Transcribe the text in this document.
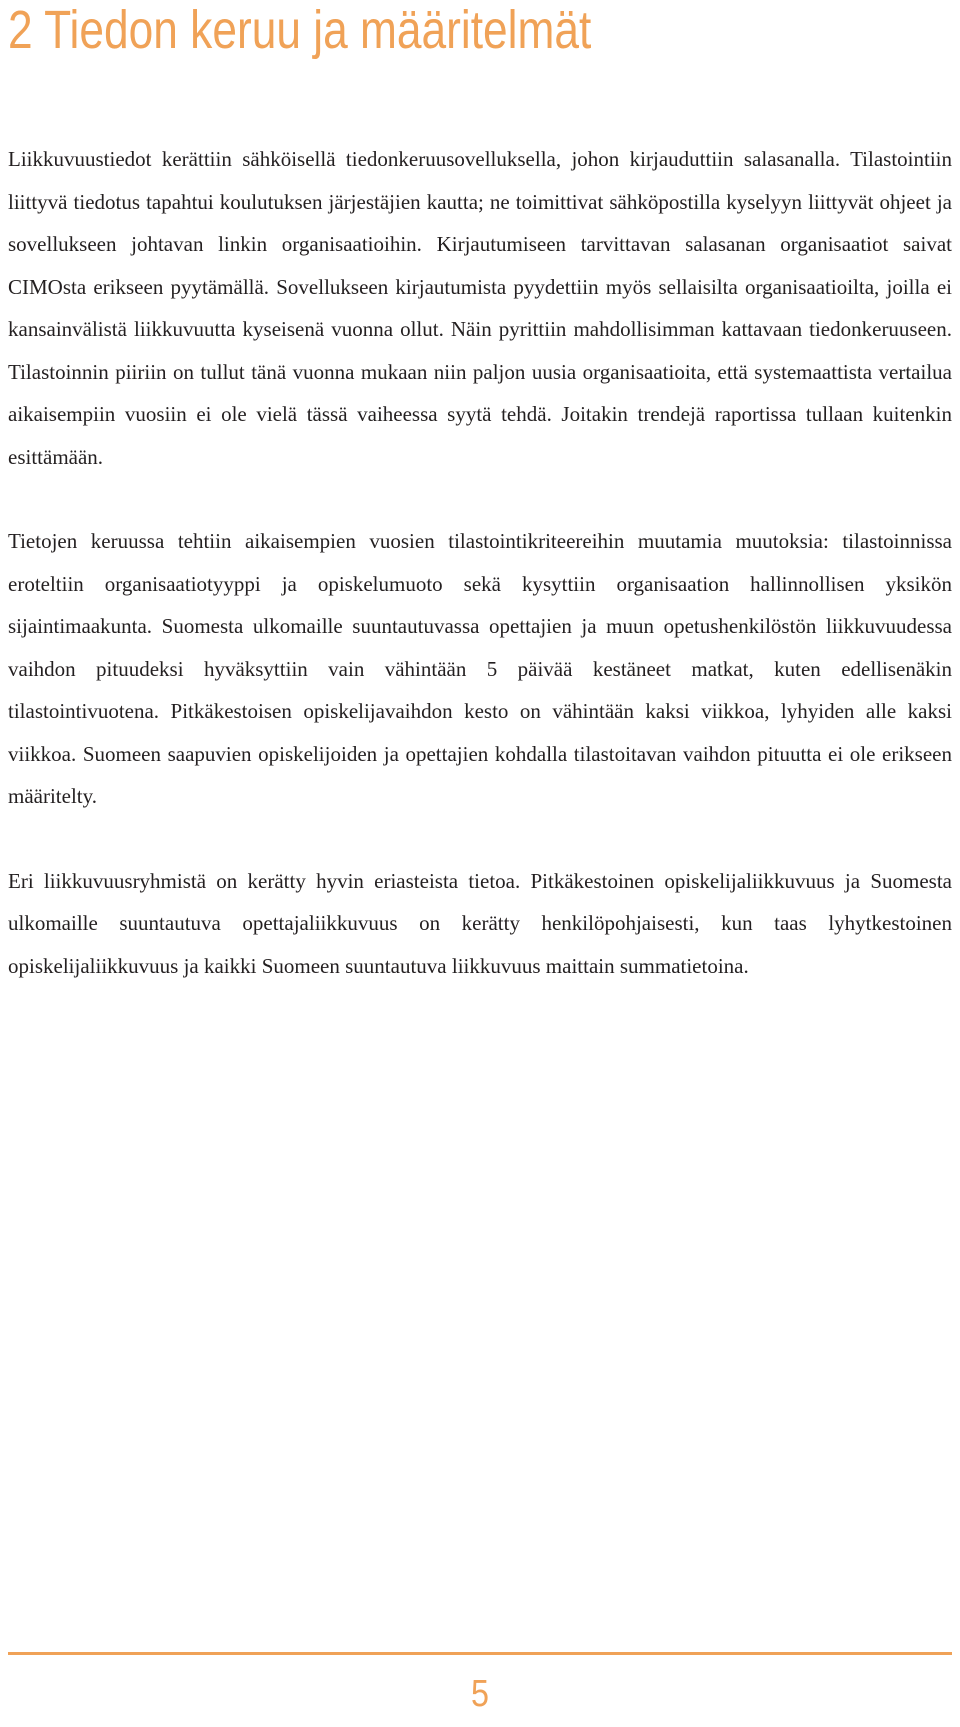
2 Tiedon keruu ja määritelmät

Liikkuvuustiedot kerättiin sähköisellä tiedonkeruusovelluksella, johon kirjauduttiin salasanalla. Tilastointiin liittyvä tiedotus tapahtui koulutuksen järjestäjien kautta; ne toimittivat sähköpostilla kyselyyn liittyvät ohjeet ja sovellukseen johtavan linkin organisaatioihin. Kirjautumiseen tarvittavan salasanan organisaatiot saivat CIMOsta erikseen pyytämällä. Sovellukseen kirjautumista pyydettiin myös sellaisilta organisaatioilta, joilla ei kansainvälistä liikkuvuutta kyseisenä vuonna ollut. Näin pyrittiin mahdollisimman kattavaan tiedonkeruuseen. Tilastoinnin piiriin on tullut tänä vuonna mukaan niin paljon uusia organisaatioita, että systemaattista vertailua aikaisempiin vuosiin ei ole vielä tässä vaiheessa syytä tehdä. Joitakin trendejä raportissa tullaan kuitenkin esittämään.

Tietojen keruussa tehtiin aikaisempien vuosien tilastointikriteereihin muutamia muutoksia: tilastoinnissa eroteltiin organisaatiotyyppi ja opiskelumuoto sekä kysyttiin organisaation hallinnollisen yksikön sijaintimaakunta. Suomesta ulkomaille suuntautuvassa opettajien ja muun opetushenkilöstön liikkuvuudessa vaihdon pituudeksi hyväksyttiin vain vähintään 5 päivää kestäneet matkat, kuten edellisenäkin tilastointivuotena. Pitkäkestoisen opiskelijavaihdon kesto on vähintään kaksi viikkoa, lyhyiden alle kaksi viikkoa. Suomeen saapuvien opiskelijoiden ja opettajien kohdalla tilastoitavan vaihdon pituutta ei ole erikseen määritelty.

Eri liikkuvuusryhmistä on kerätty hyvin eriasteista tietoa. Pitkäkestoinen opiskelijaliikkuvuus ja Suomesta ulkomaille suuntautuva opettajaliikkuvuus on kerätty henkilöpohjaisesti, kun taas lyhytkestoinen opiskelijaliikkuvuus ja kaikki Suomeen suuntautuva liikkuvuus maittain summatietoina.

5
